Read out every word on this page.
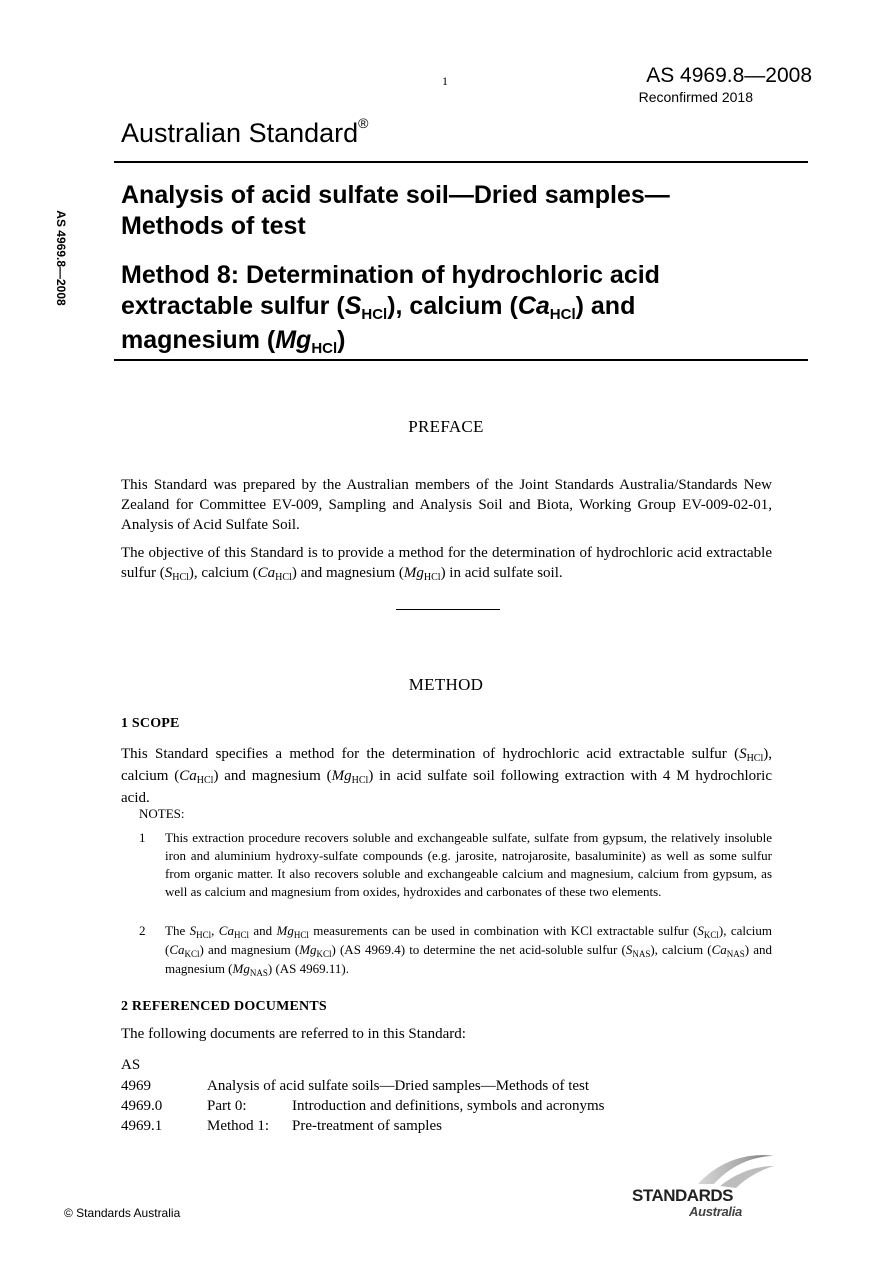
1	AS 4969.8—2008
Reconfirmed 2018
Australian Standard®
AS 4969.8—2008
Analysis of acid sulfate soil—Dried samples—
Methods of test
Method 8: Determination of hydrochloric acid
extractable sulfur $(S_{HCl})$, calcium $(Ca_{HCl})$ and
magnesium $(Mg_{HCl})$
PREFACE
This Standard was prepared by the Australian members of the Joint Standards Australia/Standards New Zealand for Committee EV-009, Sampling and Analysis Soil and Biota, Working Group EV-009-02-01, Analysis of Acid Sulfate Soil.
The objective of this Standard is to provide a method for the determination of hydrochloric acid extractable sulfur $(S_{HCl})$, calcium $(Ca_{HCl})$ and magnesium $(Mg_{HCl})$ in acid sulfate soil.
METHOD
1 SCOPE
This Standard specifies a method for the determination of hydrochloric acid extractable sulfur $(S_{HCl})$, calcium $(Ca_{HCl})$ and magnesium $(Mg_{HCl})$ in acid sulfate soil following extraction with 4 M hydrochloric acid.
NOTES:
1	This extraction procedure recovers soluble and exchangeable sulfate, sulfate from gypsum, the relatively insoluble iron and aluminium hydroxy-sulfate compounds (e.g. jarosite, natrojarosite, basaluminite) as well as some sulfur from organic matter. It also recovers soluble and exchangeable calcium and magnesium, calcium from gypsum, as well as calcium and magnesium from oxides, hydroxides and carbonates of these two elements.
2	The $S_{HCl}$, $Ca_{HCl}$ and $Mg_{HCl}$ measurements can be used in combination with KCl extractable sulfur $(S_{KCl})$, calcium $(Ca_{KCl})$ and magnesium $(Mg_{KCl})$ (AS 4969.4) to determine the net acid-soluble sulfur $(S_{NAS})$, calcium $(Ca_{NAS})$ and magnesium $(Mg_{NAS})$ (AS 4969.11).
2 REFERENCED DOCUMENTS
The following documents are referred to in this Standard:
AS
4969	Analysis of acid sulfate soils—Dried samples—Methods of test
4969.0	Part 0:	Introduction and definitions, symbols and acronyms
4969.1	Method 1: Pre-treatment of samples
© Standards Australia
STANDARDS
Australia
